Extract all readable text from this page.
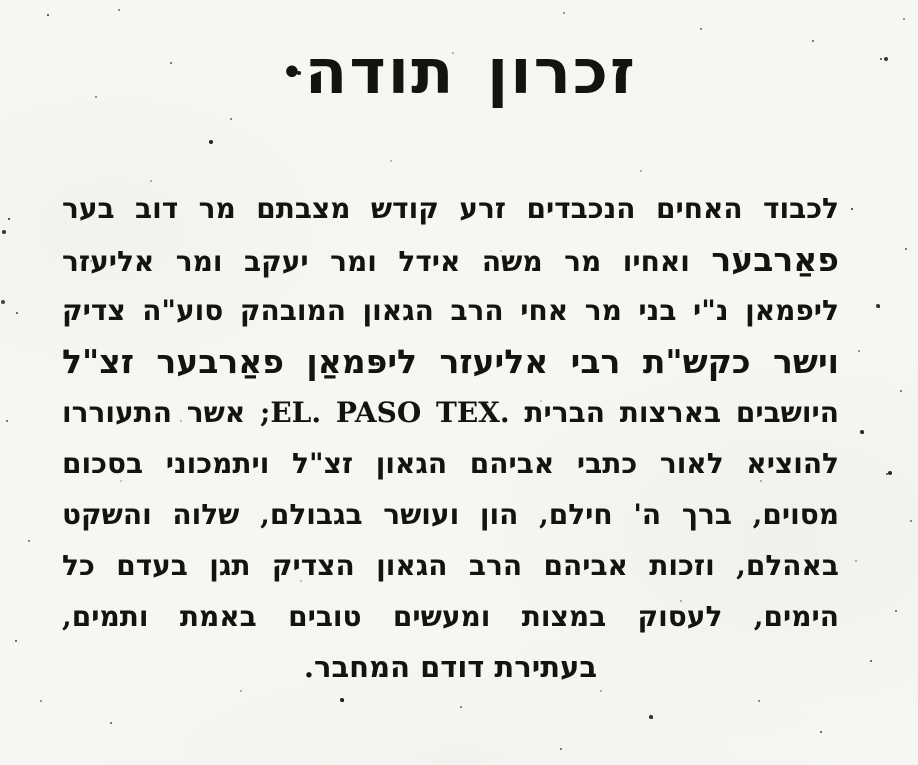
זכרון תודה·

לכבוד האחים הנכבדים זרע קודש מצבתם מר דוב בער

פאַרבער ואחיו מר משה אידל ומר יעקב ומר אליעזר

ליפמאן נ"י בני מר אחי הרב הגאון המובהק סוע"ה צדיק

וישר כקש"ת רבי אליעזר ליפּמאַן פאַרבער זצ"ל

היושבים בארצות הברית ‪EL. PASO TEX.‬; אשר התעוררו

להוציא לאור כתבי אביהם הגאון זצ"ל ויתמכוני בסכום

מסוים, ברך ה' חילם, הון ועושר בגבולם, שלוה והשקט

באהלם, וזכות אביהם הרב הגאון הצדיק תגן בעדם כל

הימים, לעסוק במצות ומעשים טובים באמת ותמים,

בעתירת דודם המחבר.
